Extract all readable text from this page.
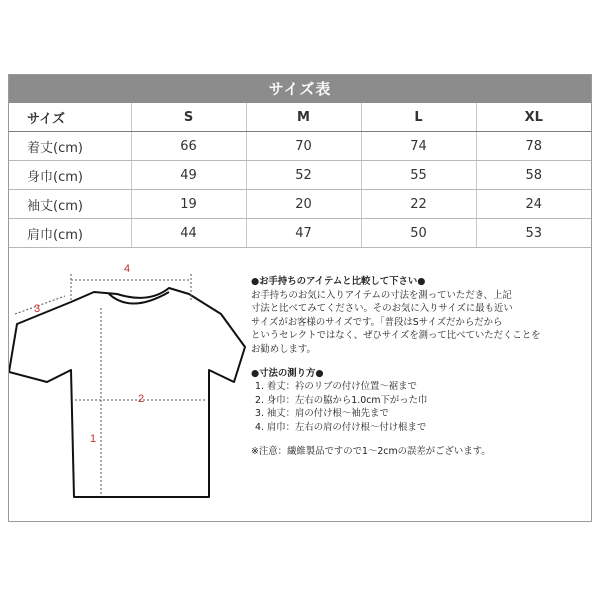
サイズ表
サイズ	S	M	L	XL
着丈(cm)	66	70	74	78
身巾(cm)	49	52	55	58
袖丈(cm)	19	20	22	24
肩巾(cm)	44	47	50	53
4
3
2
1
●お手持ちのアイテムと比較して下さい●

お手持ちのお気に入りアイテムの寸法を測っていただき、上記

寸法と比べてみてください。そのお気に入りサイズに最も近い

サイズがお客様のサイズです。「普段はSサイズだからだから

というセレクトではなく、ぜひサイズを測って比べていただくことを

お勧めします。

●寸法の測り方●
1. 着丈：衿のリブの付け位置～裾まで
2. 身巾：左右の脇から1.0cm下がった巾
3. 袖丈：肩の付け根～袖先まで
4. 肩巾：左右の肩の付け根～付け根まで
※注意：繊維製品ですので1～2cmの誤差がございます。
